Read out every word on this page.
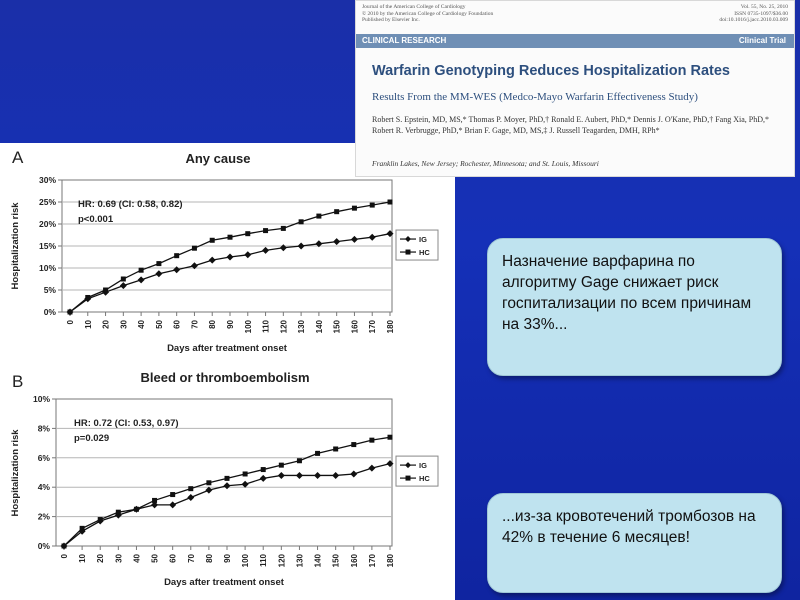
Journal of the American College of Cardiology
© 2010 by the American College of Cardiology Foundation
Published by Elsevier Inc.
Vol. 55, No. 25, 2010
ISSN 0735-1097/$36.00
doi:10.1016/j.jacc.2010.03.009
CLINICAL RESEARCH	Clinical Trial
Warfarin Genotyping Reduces Hospitalization Rates
Results From the MM-WES (Medco-Mayo Warfarin Effectiveness Study)
Robert S. Epstein, MD, MS,* Thomas P. Moyer, PhD,† Ronald E. Aubert, PhD,* Dennis J. O'Kane, PhD,† Fang Xia, PhD,* Robert R. Verbrugge, PhD,* Brian F. Gage, MD, MS,‡ J. Russell Teagarden, DMH, RPh*
Franklin Lakes, New Jersey; Rochester, Minnesota; and St. Louis, Missouri
A	Any cause
0%
5%
10%
15%
20%
25%
30%
0 10 20 30 40 50 60 70 80 90 100 110 120 130 140 150 160 170 180
Hospitalization risk
Days after treatment onset
HR: 0.69 (CI: 0.58, 0.82)
p<0.001
IG
HC
B	Bleed or thromboembolism
0%
2%
4%
6%
8%
10%
0 10 20 30 40 50 60 70 80 90 100 110 120 130 140 150 160 170 180
Hospitalization risk
Days after treatment onset
HR: 0.72 (CI: 0.53, 0.97)
p=0.029
IG
HC
Назначение варфарина по алгоритму Gage снижает риск госпитализации по всем причинам на 33%...
...из-за кровотечений тромбозов на 42% в течение 6 месяцев!
